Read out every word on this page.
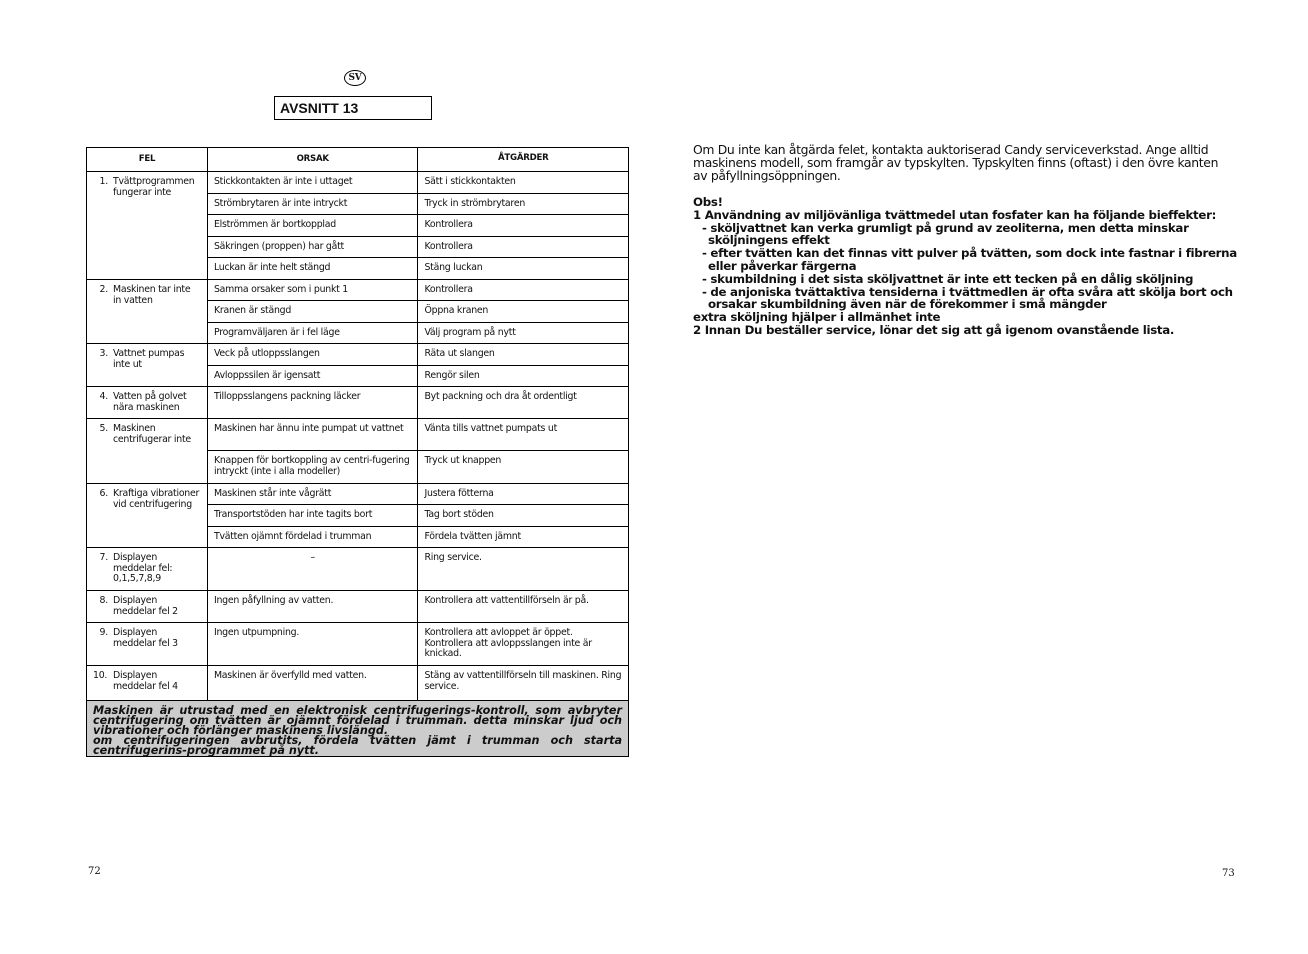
SV
AVSNITT 13
FEL	ORSAK	ÅTGÄRDER

1. Tvättprogrammen fungerar inte	Stickkontakten är inte i uttaget	Sätt i stickkontakten
	Strömbrytaren är inte intryckt	Tryck in strömbrytaren
	Elströmmen är bortkopplad	Kontrollera
	Säkringen (proppen) har gått	Kontrollera
	Luckan är inte helt stängd	Stäng luckan

2. Maskinen tar inte in vatten	Samma orsaker som i punkt 1	Kontrollera
	Kranen är stängd	Öppna kranen
	Programväljaren är i fel läge	Välj program på nytt

3. Vattnet pumpas inte ut	Veck på utloppsslangen	Räta ut slangen
	Avloppssilen är igensatt	Rengör silen

4. Vatten på golvet nära maskinen	Tilloppsslangens packning läcker	Byt packning och dra åt ordentligt

5. Maskinen centrifugerar inte	Maskinen har ännu inte pumpat ut vattnet	Vänta tills vattnet pumpats ut
	Knappen för bortkoppling av centri-fugering intryckt (inte i alla modeller)	Tryck ut knappen

6. Kraftiga vibrationer vid centrifugering	Maskinen står inte vågrätt	Justera fötterna
	Transportstöden har inte tagits bort	Tag bort stöden
	Tvätten ojämnt fördelad i trumman	Fördela tvätten jämnt

7. Displayen meddelar fel: 0,1,5,7,8,9	–	Ring service.

8. Displayen meddelar fel 2	Ingen påfyllning av vatten.	Kontrollera att vattentillförseln är på.

9. Displayen meddelar fel 3	Ingen utpumpning.	Kontrollera att avloppet är öppet. Kontrollera att avloppsslangen inte är knickad.

10. Displayen meddelar fel 4	Maskinen är överfylld med vatten.	Stäng av vattentillförseln till maskinen. Ring service.

Maskinen är utrustad med en elektronisk centrifugerings-kontroll, som avbryter centrifugering om tvätten är ojämnt fördelad i trumman. detta minskar ljud och vibrationer och förlänger maskinens livslängd.

om centrifugeringen avbrutits, fördela tvätten jämt i trumman och starta centrifugerins-programmet på nytt.		

72	73
Om Du inte kan åtgärda felet, kontakta auktoriserad Candy serviceverkstad. Ange alltid maskinens modell, som framgår av typskylten. Typskylten finns (oftast) i den övre kanten av påfyllningsöppningen.
Obs!
1 Användning av miljövänliga tvättmedel utan fosfater kan ha följande bieffekter:
- sköljvattnet kan verka grumligt på grund av zeoliterna, men detta minskar
sköljningens effekt
- efter tvätten kan det finnas vitt pulver på tvätten, som dock inte fastnar i fibrerna
eller påverkar färgerna
- skumbildning i det sista sköljvattnet är inte ett tecken på en dålig sköljning
- de anjoniska tvättaktiva tensiderna i tvättmedlen är ofta svåra att skölja bort och
orsakar skumbildning även när de förekommer i små mängder
extra sköljning hjälper i allmänhet inte
2 Innan Du beställer service, lönar det sig att gå igenom ovanstående lista.
